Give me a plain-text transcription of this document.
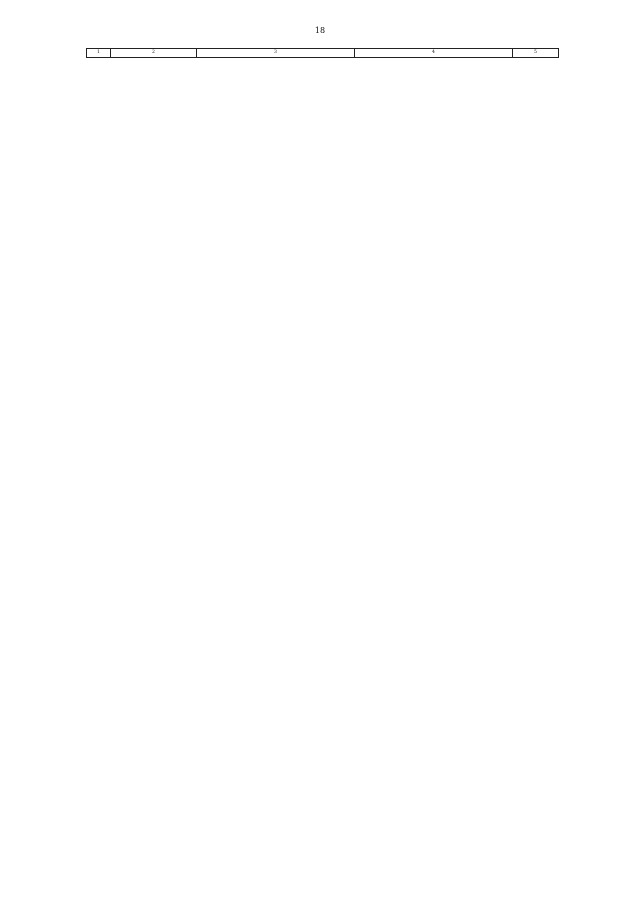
18
1	2	3	4	5
